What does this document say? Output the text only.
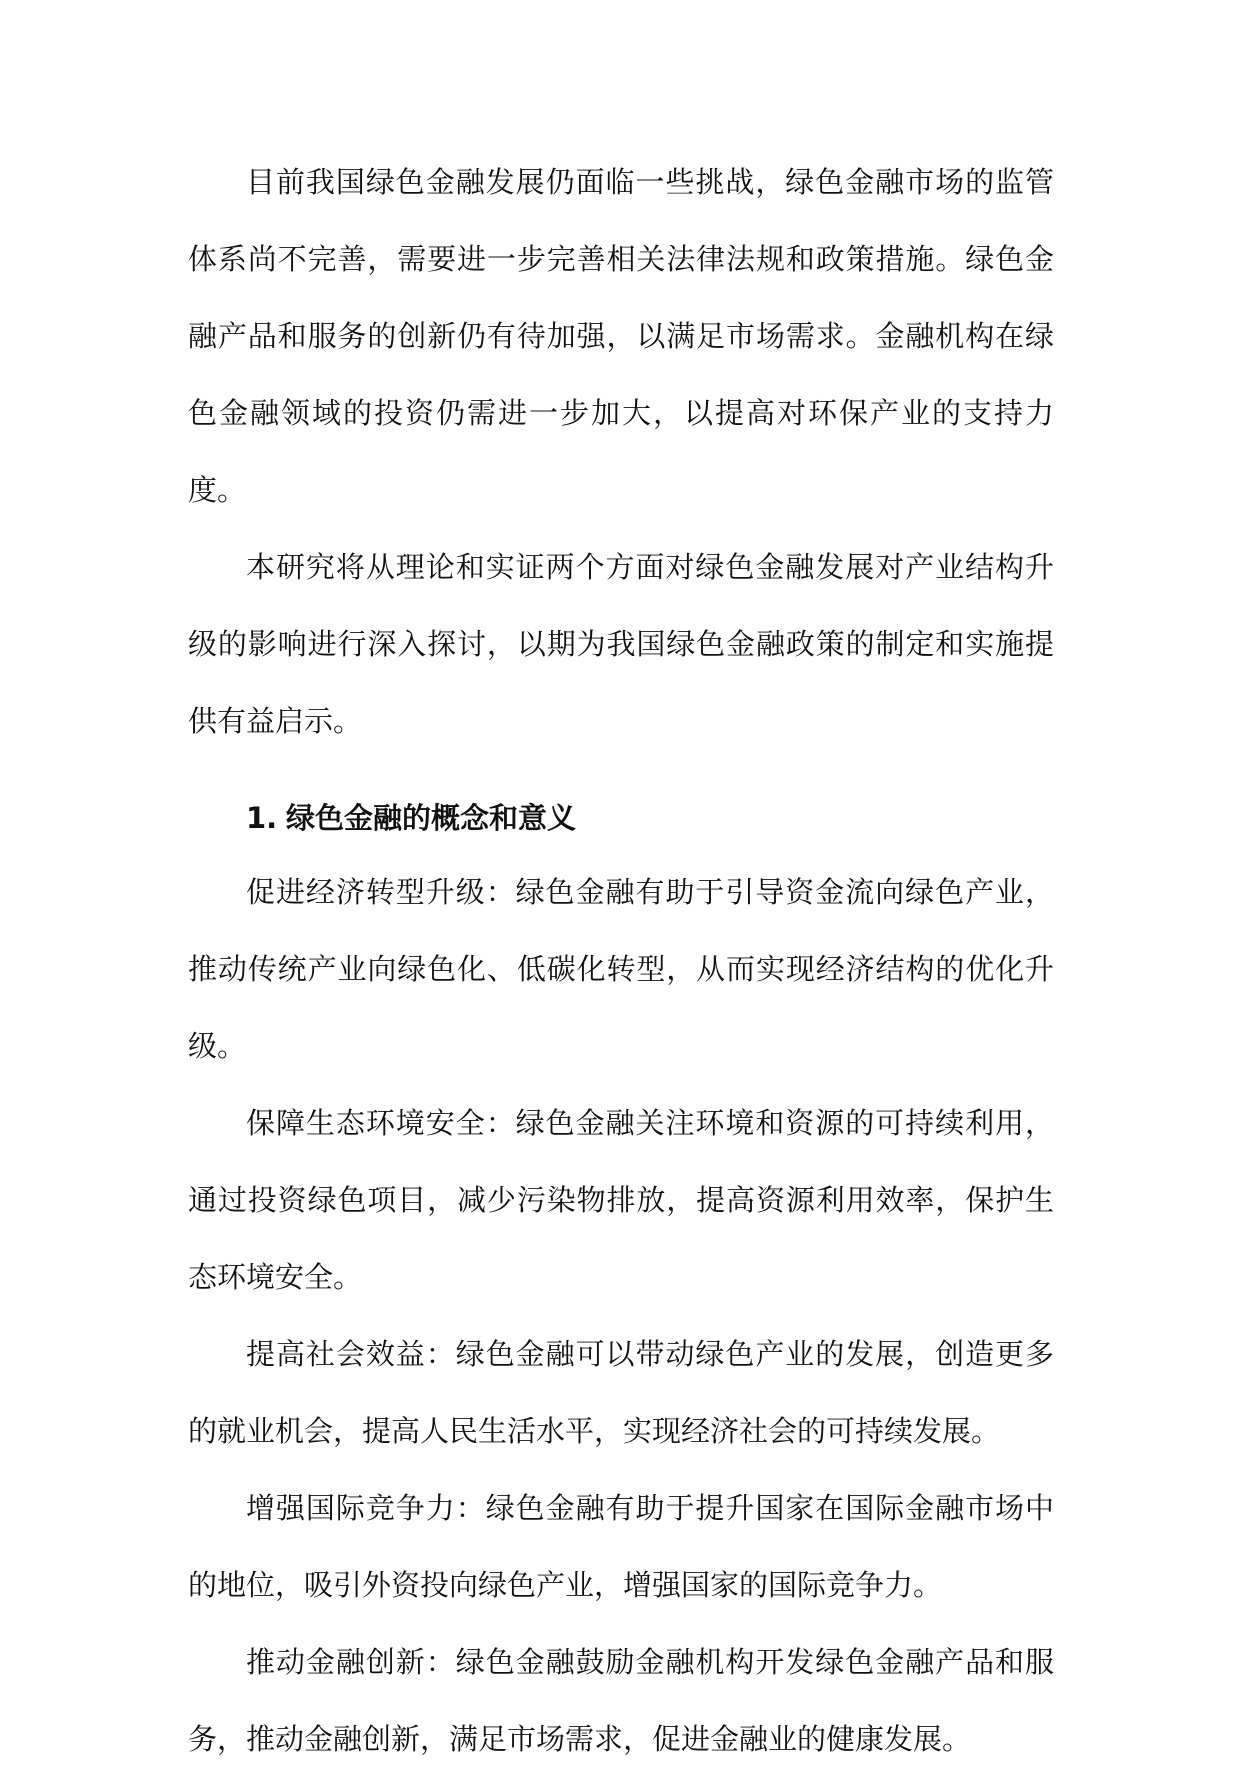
目前我国绿色金融发展仍面临一些挑战，绿色金融市场的监管体系尚不完善，需要进一步完善相关法律法规和政策措施。绿色金融产品和服务的创新仍有待加强，以满足市场需求。金融机构在绿色金融领域的投资仍需进一步加大，以提高对环保产业的支持力度。

本研究将从理论和实证两个方面对绿色金融发展对产业结构升级的影响进行深入探讨，以期为我国绿色金融政策的制定和实施提供有益启示。

1. 绿色金融的概念和意义

促进经济转型升级：绿色金融有助于引导资金流向绿色产业，推动传统产业向绿色化、低碳化转型，从而实现经济结构的优化升级。

保障生态环境安全：绿色金融关注环境和资源的可持续利用，通过投资绿色项目，减少污染物排放，提高资源利用效率，保护生态环境安全。

提高社会效益：绿色金融可以带动绿色产业的发展，创造更多的就业机会，提高人民生活水平，实现经济社会的可持续发展。

增强国际竞争力：绿色金融有助于提升国家在国际金融市场中的地位，吸引外资投向绿色产业，增强国家的国际竞争力。

推动金融创新：绿色金融鼓励金融机构开发绿色金融产品和服务，推动金融创新，满足市场需求，促进金融业的健康发展。
